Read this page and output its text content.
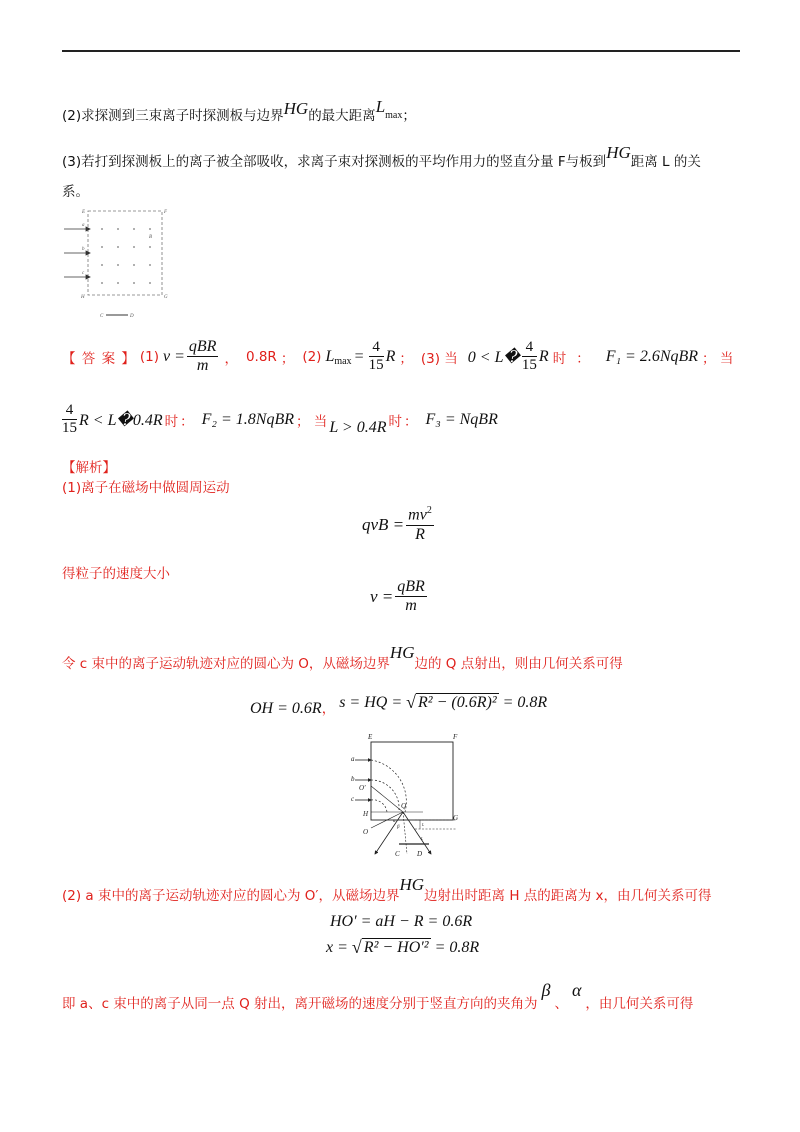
(2)求探测到三束离子时探测板与边界HG的最大距离Lmax；
(3)若打到探测板上的离子被全部吸收，求离子束对探测板的平均作用力的竖直分量 F与板到HG距离 L 的关
系。
E	F
a
b
c
B
H	G
C	D
【 答 案 】 (1) $v = \frac{\text{qBR}}{m}$ ， 0.8R ； (2) L $\max = \frac{4}{15}$ R ； (3) 当 0 < L� $\frac{4}{15}$ R 时 ： F₁ = 2.6NqBR ； 当
$\frac{4}{15}$ R < L�0.4R 时 ： F₂ = 1.8NqBR ； 当 L > 0.4R 时 ： F₃ = NqBR
【解析】
(1)离子在磁场中做圆周运动
qvB = $\frac{mv^2}{R}$
得粒子的速度大小
$v = \frac{\text{qBR}}{m}$
令 c 束中的离子运动轨迹对应的圆心为 O，从磁场边界HG边的 Q 点射出，则由几何关系可得
OH = 0.6R ， s = HQ = √ R² − (0.6R)² = 0.8R
E	F
a
b
c
O′
H
O
Q
G
C D
α
β
L
L
(2) a 束中的离子运动轨迹对应的圆心为 O′，从磁场边界HG边射出时距离 H 点的距离为 x，由几何关系可得
HO′ = aH − R = 0.6R
x = √ R² − HO′² = 0.8R
即 a、c 束中的离子从同一点 Q 射出，离开磁场的速度分别于竖直方向的夹角为β、α，由几何关系可得
